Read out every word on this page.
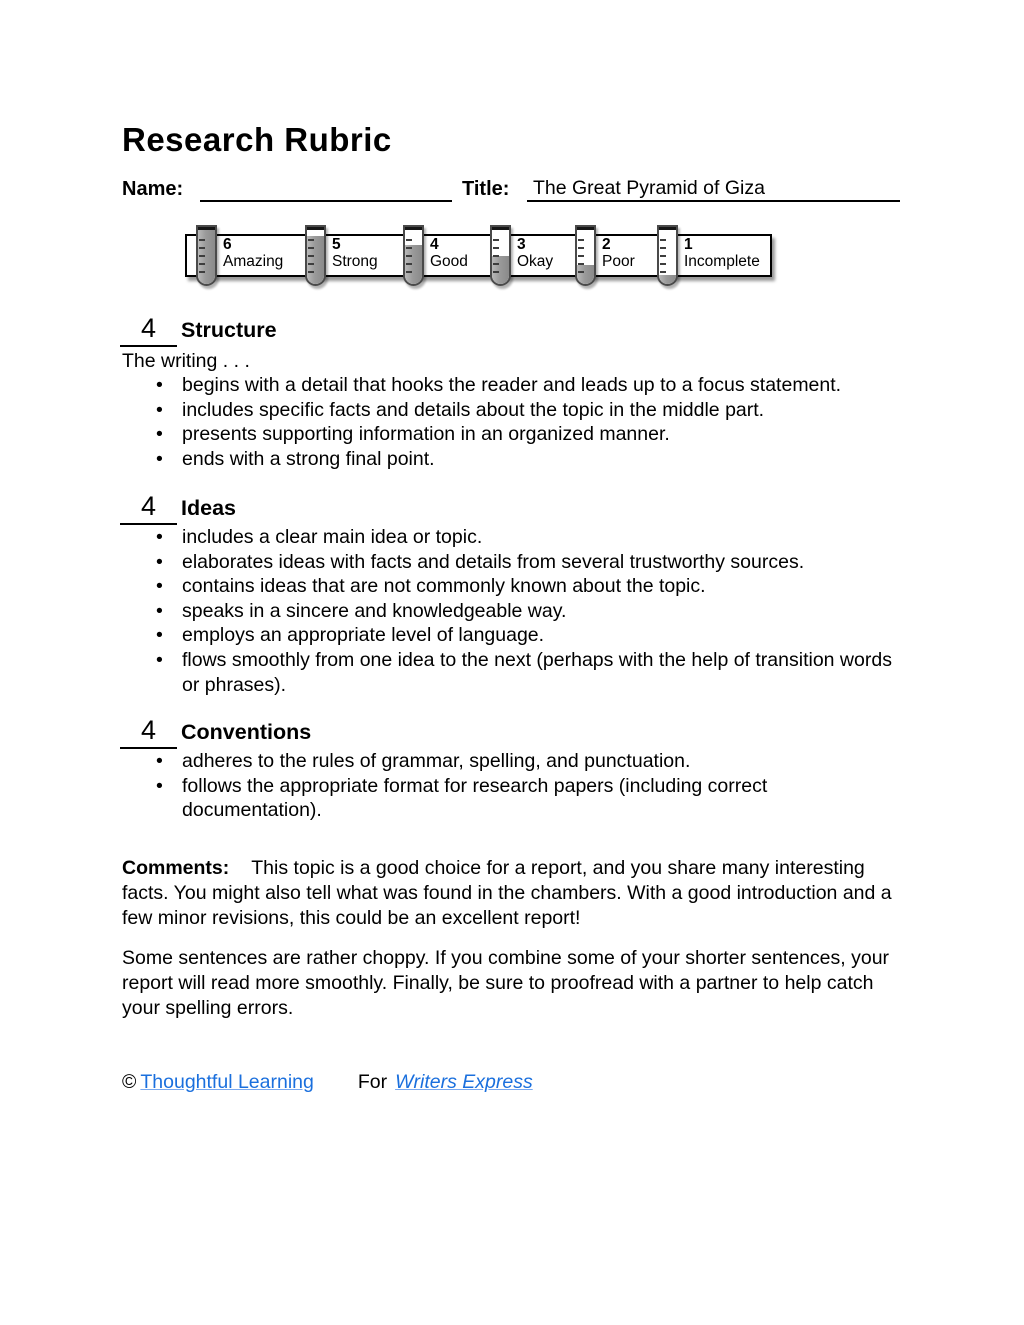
Research Rubric
Name:	Title: The Great Pyramid of Giza
6
Amazing
5
Strong
4
Good
3
Okay
2
Poor
1
Incomplete
4	Structure

The writing . . .

• begins with a detail that hooks the reader and leads up to a focus statement.
• includes specific facts and details about the topic in the middle part.
• presents supporting information in an organized manner.
• ends with a strong final point.
4	Ideas
• includes a clear main idea or topic.
• elaborates ideas with facts and details from several trustworthy sources.
• contains ideas that are not commonly known about the topic.
• speaks in a sincere and knowledgeable way.
• employs an appropriate level of language.
• flows smoothly from one idea to the next (perhaps with the help of transition words or phrases).
4	Conventions
• adheres to the rules of grammar, spelling, and punctuation.
• follows the appropriate format for research papers (including correct documentation).

Comments: This topic is a good choice for a report, and you share many interesting facts. You might also tell what was found in the chambers. With a good introduction and a few minor revisions, this could be an excellent report!

Some sentences are rather choppy. If you combine some of your shorter sentences, your report will read more smoothly. Finally, be sure to proofread with a partner to help catch your spelling errors.

© Thoughtful Learning For Writers Express
